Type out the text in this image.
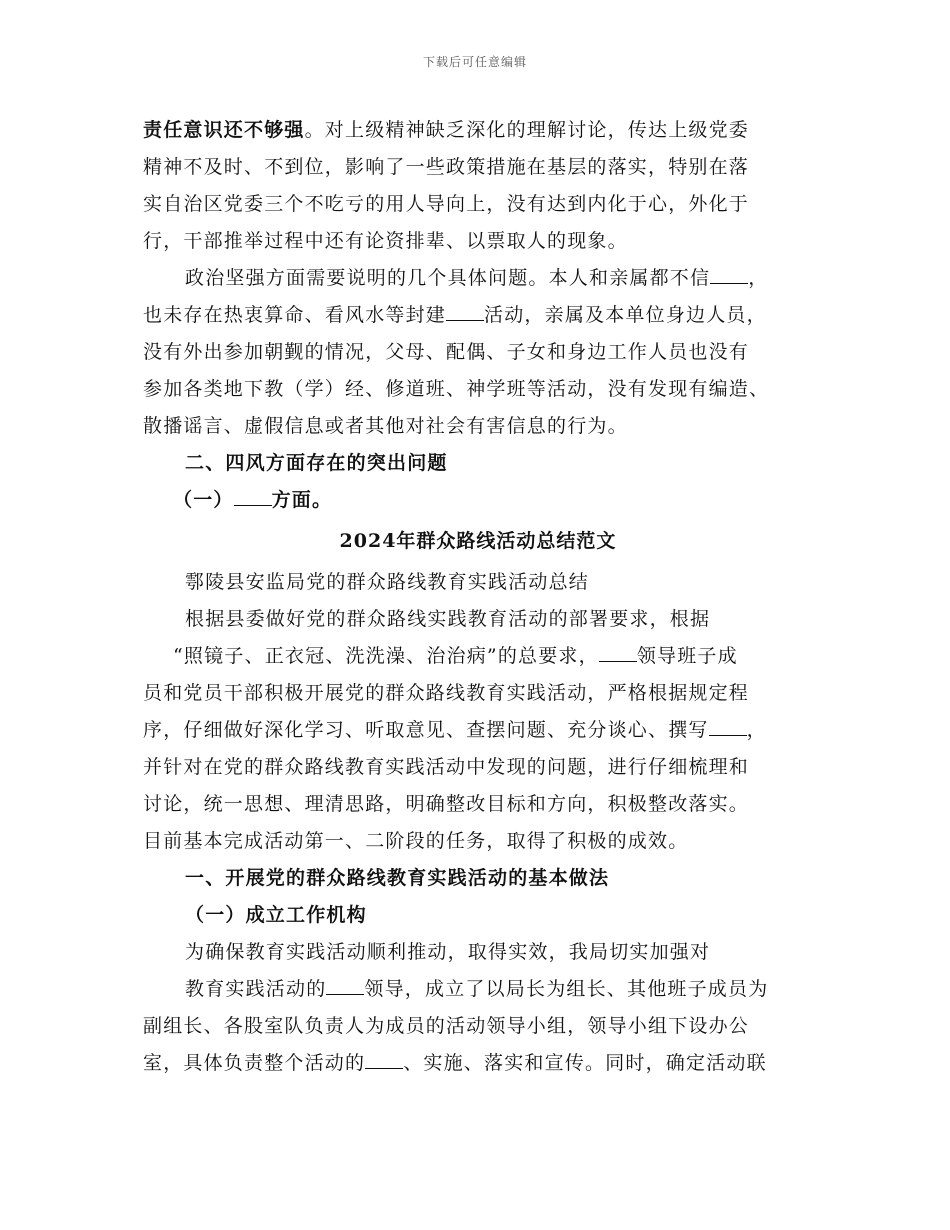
下载后可任意编辑
责任意识还不够强。对上级精神缺乏深化的理解讨论，传达上级党委
精神不及时、不到位，影响了一些政策措施在基层的落实，特别在落
实自治区党委三个不吃亏的用人导向上，没有达到内化于心，外化于
行，干部推举过程中还有论资排辈、以票取人的现象。
政治坚强方面需要说明的几个具体问题。本人和亲属都不信 ，
也未存在热衷算命、看风水等封建 活动，亲属及本单位身边人员，
没有外出参加朝觐的情况，父母、配偶、子女和身边工作人员也没有
参加各类地下教（学）经、修道班、神学班等活动，没有发现有编造、
散播谣言、虚假信息或者其他对社会有害信息的行为。
二、四风方面存在的突出问题
（一） 方面。
2024年群众路线活动总结范文
鄠陵县安监局党的群众路线教育实践活动总结
根据县委做好党的群众路线实践教育活动的部署要求，根据
“照镜子、正衣冠、洗洗澡、治治病”的总要求， 领导班子成
员和党员干部积极开展党的群众路线教育实践活动，严格根据规定程
序，仔细做好深化学习、听取意见、查摆问题、充分谈心、撰写 ，
并针对在党的群众路线教育实践活动中发现的问题，进行仔细梳理和
讨论，统一思想、理清思路，明确整改目标和方向，积极整改落实。
目前基本完成活动第一、二阶段的任务，取得了积极的成效。
一、开展党的群众路线教育实践活动的基本做法
（一）成立工作机构
为确保教育实践活动顺利推动，取得实效，我局切实加强对
教育实践活动的 领导，成立了以局长为组长、其他班子成员为
副组长、各股室队负责人为成员的活动领导小组，领导小组下设办公
室，具体负责整个活动的 、实施、落实和宣传。同时，确定活动联
